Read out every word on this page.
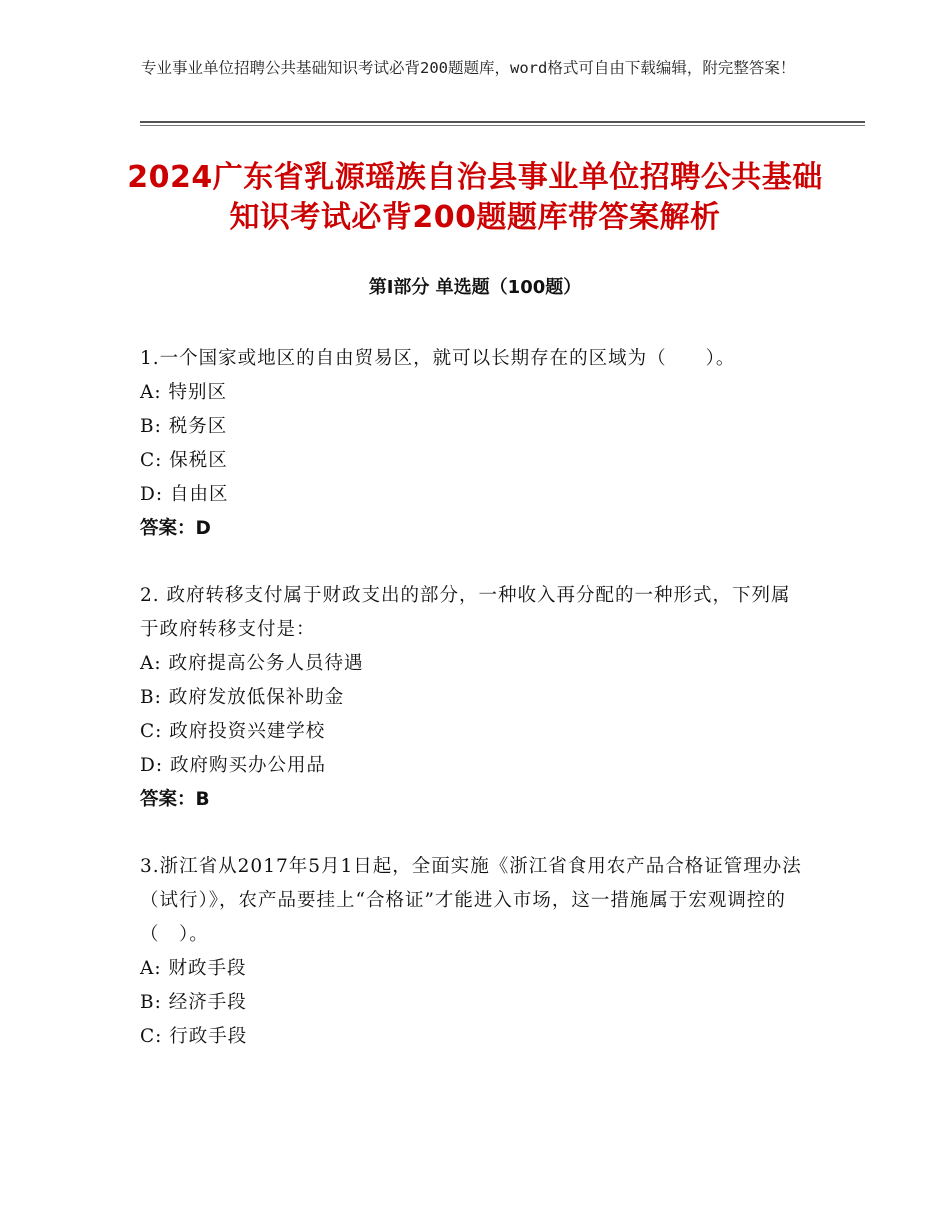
专业事业单位招聘公共基础知识考试必背200题题库，word格式可自由下载编辑，附完整答案！
2024广东省乳源瑶族自治县事业单位招聘公共基础知识考试必背200题题库带答案解析
第Ⅰ部分 单选题（100题）
1.一个国家或地区的自由贸易区，就可以长期存在的区域为（　　）。
A: 特别区
B: 税务区
C: 保税区
D: 自由区
答案：D
2. 政府转移支付属于财政支出的部分，一种收入再分配的一种形式，下列属于政府转移支付是：
A: 政府提高公务人员待遇
B: 政府发放低保补助金
C: 政府投资兴建学校
D: 政府购买办公用品
答案：B
3.浙江省从2017年5月1日起，全面实施《浙江省食用农产品合格证管理办法（试行）》，农产品要挂上“合格证”才能进入市场，这一措施属于宏观调控的（　）。
A: 财政手段
B: 经济手段
C: 行政手段
